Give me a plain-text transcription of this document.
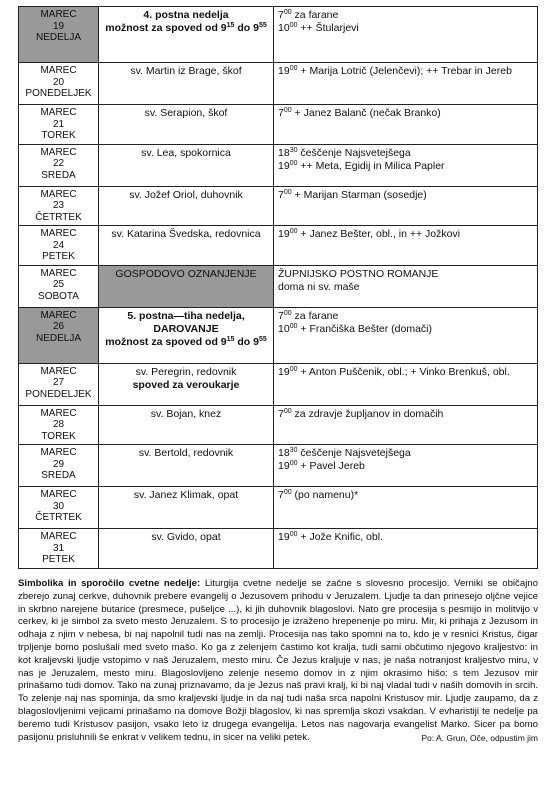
MAREC
19
NEDELJA	4. postna nedelja
možnost za spoved od $9^{15}$ do $9^{55}$	$7^{00}$ za farane
$10^{00}$ ++ Štularjevi

MAREC
20
PONEDELJEK	sv. Martin iz Brage, škof	$19^{00}$ + Marija Lotrič (Jelenčevi); ++ Trebar in Jereb

MAREC
21
TOREK	sv. Serapion, škof	$7^{00}$ + Janez Balanč (nečak Branko)

MAREC
22
SREDA	sv. Lea, spokornica	$18^{30}$ češčenje Najsvetejšega
$19^{00}$ ++ Meta, Egidij in Milica Papler

MAREC
23
ČETRTEK	sv. Jožef Oriol, duhovnik	$7^{00}$ + Marijan Starman (sosedje)

MAREC
24
PETEK	sv. Katarina Švedska, redovnica	$19^{00}$ + Janez Bešter, obl., in ++ Jožkovi

MAREC
25
SOBOTA	GOSPODOVO OZNANJENJE	ŽUPNIJSKO POSTNO ROMANJE
doma ni sv. maše

MAREC
26
NEDELJA	5. postna—tiha nedelja,
DAROVANJE
možnost za spoved od $9^{15}$ do $9^{55}$	$7^{00}$ za farane
$10^{00}$ + Frančiška Bešter (domači)

MAREC
27
PONEDELJEK	sv. Peregrin, redovnik
spoved za veroukarje	$19^{00}$ + Anton Puščenik, obl.; + Vinko Brenkuš, obl.

MAREC
28
TOREK	sv. Bojan, knez	$7^{00}$ za zdravje župljanov in domačih

MAREC
29
SREDA	sv. Bertold, redovnik	$18^{30}$ češčenje Najsvetejšega
$19^{00}$ + Pavel Jereb

MAREC
30
ČETRTEK	sv. Janez Klimak, opat	$7^{00}$ (po namenu)*

MAREC
31
PETEK	sv. Gvido, opat	$19^{00}$ + Jože Knific, obl.
Simbolika in sporočilo cvetne nedelje: Liturgija cvetne nedelje se začne s slovesno procesijo. Verniki se običajno zberejo zunaj cerkve, duhovnik prebere evangelij o Jezusovem prihodu v Jeruzalem. Ljudje ta dan prinesejo oljčne vejice in skrbno narejene butarice (presmece, pušeljce ...), ki jih duhovnik blagoslovi. Nato gre procesija s pesmijo in molitvijo v cerkev, ki je simbol za sveto mesto Jeruzalem. S to procesijo je izraženo hrepenenje po miru. Mir, ki prihaja z Jezusom in odhaja z njim v nebesa, bi naj napolnil tudi nas na zemlji. Procesija nas tako spomni na to, kdo je v resnici Kristus, čigar trpljenje bomo poslušali med sveto mašo. Ko ga z zelenjem častimo kot kralja, tudi sami občutimo njegovo kraljestvo: in kot kraljevski ljudje vstopimo v naš Jeruzalem, mesto miru. Če Jezus kraljuje v nas, je naša notranjost kraljestvo miru, v nas je Jeruzalem, mesto miru. Blagoslovljeno zelenje nesemo domov in z njim okrasimo hišo: s tem Jezusov mir prinašamo tudi domov. Tako na zunaj priznavamo, da je Jezus naš pravi kralj, ki bi naj vladal tudi v naših domovih in srcih. To zelenje naj nas spominja, da smo kraljevski ljudje in da naj tudi naša srca napolni Kristusov mir. Ljudje zaupamo, da z blagoslovljenimi vejicami prinašamo na domove Božji blagoslov, ki nas spremlja skozi vsakdan. V evharistiji te nedelje pa beremo tudi Kristusov pasijon, vsako leto iz drugega evangelija. Letos nas nagovarja evangelist Marko. Sicer pa bomo pasijonu prisluhnili še enkrat v velikem tednu, in sicer na veliki petek.	Po: A. Grun, Oče, odpustim jim
